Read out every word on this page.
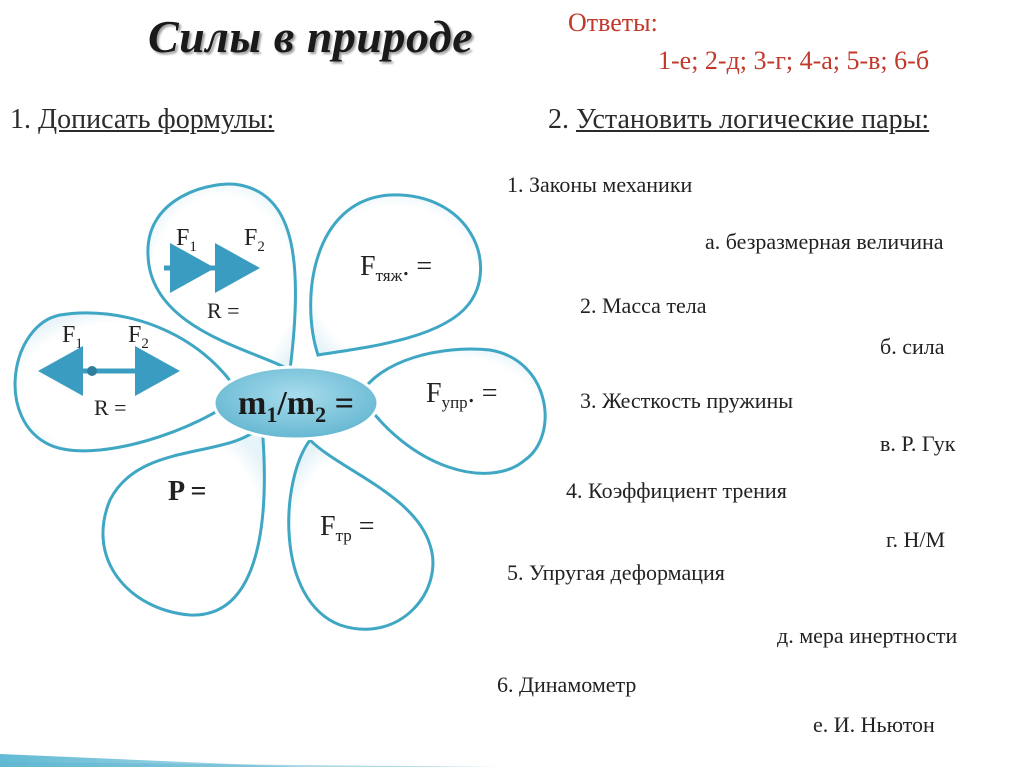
Силы в природе	Ответы:
1-е; 2-д; 3-г; 4-а; 5-в; 6-б
1. Дописать формулы:	2. Установить логические пары:
$m_1/m_2$ =
$F_1$ $F_2$
R =
$F_1$ $F_2$
R =
$F_{тяж}$. =
$F_{упр}$. =
P =
$F_{тр}$ =
1. Законы механики
а. безразмерная величина
2. Масса тела
б. сила
3. Жесткость пружины
в. Р. Гук
4. Коэффициент трения
г. Н/М
5. Упругая деформация
д. мера инертности
6. Динамометр
е. И. Ньютон
